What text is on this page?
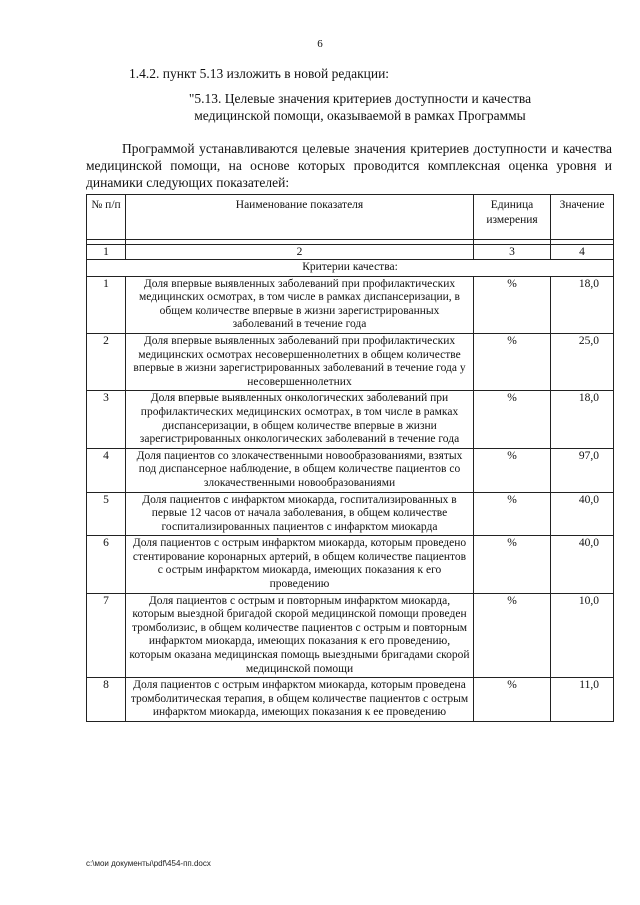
6
1.4.2. пункт 5.13 изложить в новой редакции:
"5.13. Целевые значения критериев доступности и качества медицинской помощи, оказываемой в рамках Программы
Программой устанавливаются целевые значения критериев доступности и качества медицинской помощи, на основе которых проводится комплексная оценка уровня и динамики следующих показателей:
№ п/п	Наименование показателя	Единица измерения	Значение

1	2	3	4
Критерии качества:			
1	Доля впервые выявленных заболеваний при профилактических медицинских осмотрах, в том числе в рамках диспансеризации, в общем количестве впервые в жизни зарегистрированных заболеваний в течение года	%	18,0
2	Доля впервые выявленных заболеваний при профилактических медицинских осмотрах несовершеннолетних в общем количестве впервые в жизни зарегистрированных заболеваний в течение года у несовершеннолетних	%	25,0
3	Доля впервые выявленных онкологических заболеваний при профилактических медицинских осмотрах, в том числе в рамках диспансеризации, в общем количестве впервые в жизни зарегистрированных онкологических заболеваний в течение года	%	18,0
4	Доля пациентов со злокачественными новообразованиями, взятых под диспансерное наблюдение, в общем количестве пациентов со злокачественными новообразованиями	%	97,0
5	Доля пациентов с инфарктом миокарда, госпитализированных в первые 12 часов от начала заболевания, в общем количестве госпитализированных пациентов с инфарктом миокарда	%	40,0
6	Доля пациентов с острым инфарктом миокарда, которым проведено стентирование коронарных артерий, в общем количестве пациентов с острым инфарктом миокарда, имеющих показания к его проведению	%	40,0
7	Доля пациентов с острым и повторным инфарктом миокарда, которым выездной бригадой скорой медицинской помощи проведен тромболизис, в общем количестве пациентов с острым и повторным инфарктом миокарда, имеющих показания к его проведению, которым оказана медицинская помощь выездными бригадами скорой медицинской помощи	%	10,0
8	Доля пациентов с острым инфарктом миокарда, которым проведена тромболитическая терапия, в общем количестве пациентов с острым инфарктом миокарда, имеющих показания к ее проведению	%	11,0
c:\мои документы\pdf\454-пп.docx
